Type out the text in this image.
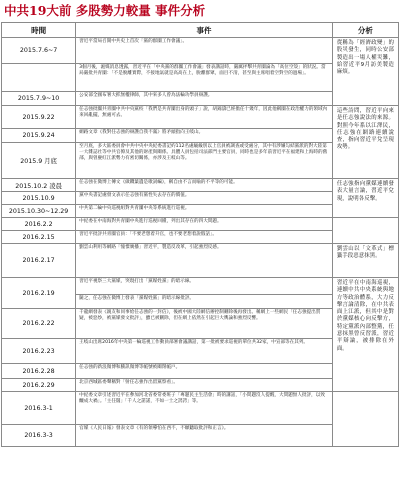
中共19大前 多股勢力較量 事件分析
時間	事件	分析
2015.7.6~7	習近平當局召開中共史上首次「黨的群團工作會議」。	從稱為「經濟政變」的股災發生，同時公安部製造出一場人權災難，給習近平9月訪美製造麻煩。
	3個月後，滬媒消息透露，習近平在「中央黨的群團工作會議」發表講話時，嚴厲抨擊共青團淪為「高位空殼」的狀況。當局嚴批共青團：「不是脫離實際，不接地氣就是高高在上，脫離群眾，面目不清，甚至與主席唱着空對空的過場」。	
2015.7.9~10	公安部全國布署大抓無權律師，其中來多人曾為法輪功學員辯護。	
2015.9.22	任志強批團共青團中共中央黨校「我們是共青團出身的頭子」說，胡錦濤已經擔任十幾年，因此他稱團在政治權力的領域內來回亂擺，無處可去。	這些詩問，習近平向來是任志強說法的來源。對照今年系以江澤民，任志強在網路連續說查，指向習近平兌呈現攻勢。
2015.9.24	網路文章《我對任志強的辯護自我不滿》將矛頭指向王岐山。	
2015.9 月底	至月底，多大區委員會中共中央中央紀委書記約112名處級級別以上官員被調查或受處分，其中有涉嫌勾結黨派的對大陸第一大雜誌社等中共官僚及其他的財產與關係。具體人員包括司法部門主要官員，同時也是多年前習近平在福建和上海時的舊部，與曾慶紅江派勢力有密切關係，亦涉及王岐山等。	
2015.10.2 凌晨	任志強在微博上傳文《做鑽葉遺是歌詞編》，稱自由不言而喻的不平等的可能。	任志強指向黨媒連續發表大量言論，習近平兌現，說明各反擊。
2015.10.9	黨中央書記處發文表示任志強有黨性失去存在的價值。	
2015.10.30~12.29	中共第二輪中央巡視組對共青團中央等系統進行巡視。	
2016.2.2	中紀委在中南海對共青團中央進行巡視回饋，列出其存在的四大問題。	
2016.2.15	習近平批評共青團官員：「不要老想着升官，也不要老想着說假話」。	
2016.2.17	劉雲山利用等網路「憧憬廣播」習近平，製造反改革，引起強烈反感。	劉雲山以「文革式」標籤手段惡意抹黑。
2016.2.19	習近平視察三大黨媒，突現打出「黨媒姓黨」的暗示線。	習近平在中南海巡視，連續中共中央系統與地方等政治體系，大力反擊言論清除，在中共表面上江派，但其中是對於黨媒核心向反擊方，特定黨派內部整黨，任意抹黑曾反習派，習近平辯論，被排除在外面。
	隨之，任志強在微博上發表「黨媒姓黨」的暗示線批評。	
2016.2.22	千龍網發表《親友和同事給任志強的一封信》，後被中國大陸網信辦控制刪除後再發出。稱網上一些網民「任志強提出質疑，被惡炒，被黨媒發文批評」，雖已被刪除，但在網上依然在引起巨大輿論和強烈反響。	
2016.2.23	王岐山出席2016年中央第一輪巡視工作動員部署會議講話，第一批被要求巡視的單位共32家，中宣部等在其列。	
2016.2.28	任志強的新浪微博和騰訊微博等帳號被關閉帳戶。	
2016.2.29	北京西城區委聲稱對「射任志強作出留黨察看」。	
2016.3-1	中紀委文章引述習近平在參加河北省委常委班子「專題民主生活會」時的講話，「小問題沒人提醒，大問題無人批評，以致釀成大禍」。「主任闊」「千人之諾諾，不如一士之諤諤」等。	
2016.3-3	官媒《人民日報》發表文章《有的領導怕在西不，不願聽取批評和正言》。	
